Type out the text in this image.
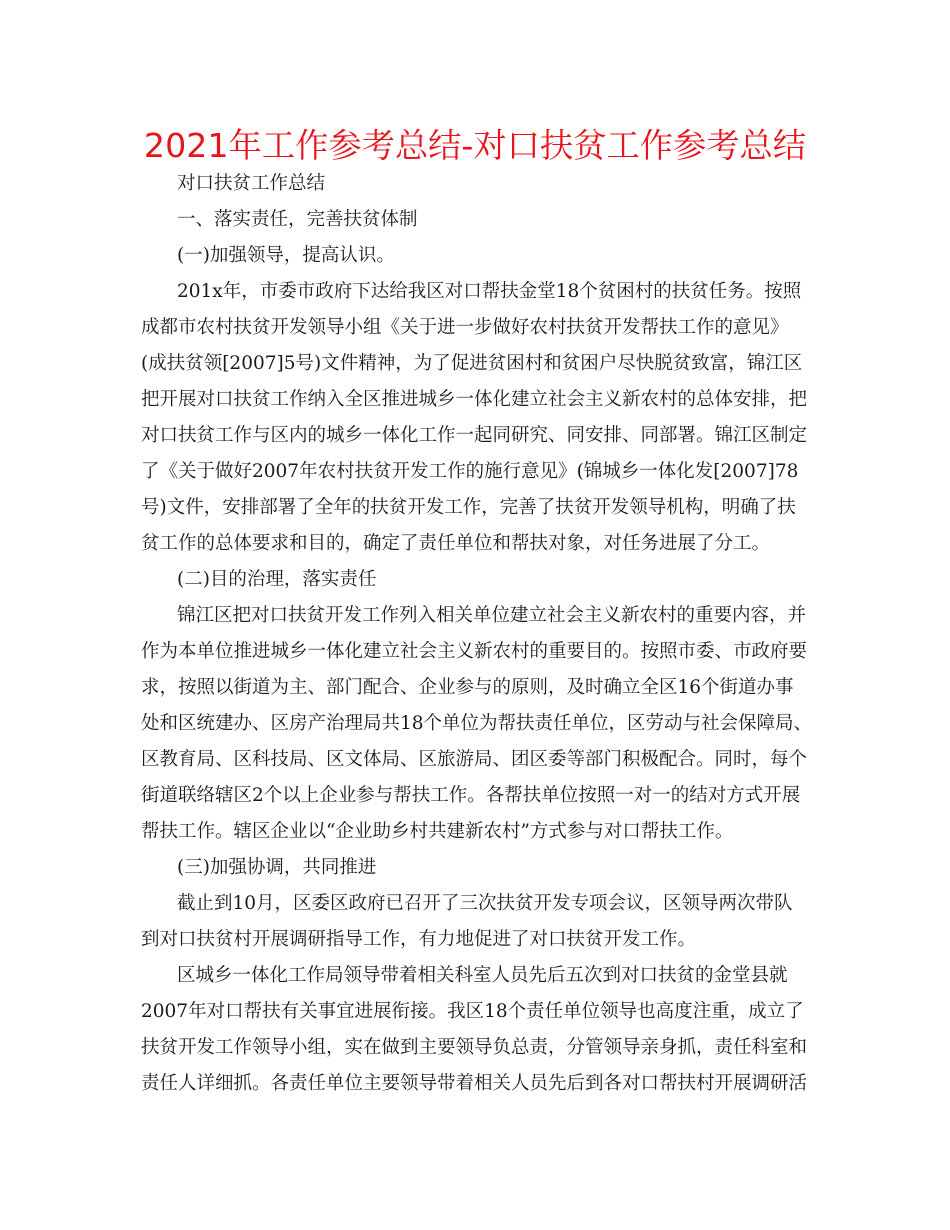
2021年工作参考总结-对口扶贫工作参考总结
对口扶贫工作总结
一、落实责任，完善扶贫体制
(一)加强领导，提高认识。
201x年，市委市政府下达给我区对口帮扶金堂18个贫困村的扶贫任务。按照
成都市农村扶贫开发领导小组《关于进一步做好农村扶贫开发帮扶工作的意见》
(成扶贫领[2007]5号)文件精神，为了促进贫困村和贫困户尽快脱贫致富，锦江区
把开展对口扶贫工作纳入全区推进城乡一体化建立社会主义新农村的总体安排，把
对口扶贫工作与区内的城乡一体化工作一起同研究、同安排、同部署。锦江区制定
了《关于做好2007年农村扶贫开发工作的施行意见》(锦城乡一体化发[2007]78
号)文件，安排部署了全年的扶贫开发工作，完善了扶贫开发领导机构，明确了扶
贫工作的总体要求和目的，确定了责任单位和帮扶对象，对任务进展了分工。
(二)目的治理，落实责任
锦江区把对口扶贫开发工作列入相关单位建立社会主义新农村的重要内容，并
作为本单位推进城乡一体化建立社会主义新农村的重要目的。按照市委、市政府要
求，按照以街道为主、部门配合、企业参与的原则，及时确立全区16个街道办事
处和区统建办、区房产治理局共18个单位为帮扶责任单位，区劳动与社会保障局、
区教育局、区科技局、区文体局、区旅游局、团区委等部门积极配合。同时，每个
街道联络辖区2个以上企业参与帮扶工作。各帮扶单位按照一对一的结对方式开展
帮扶工作。辖区企业以“企业助乡村共建新农村”方式参与对口帮扶工作。
(三)加强协调，共同推进
截止到10月，区委区政府已召开了三次扶贫开发专项会议，区领导两次带队
到对口扶贫村开展调研指导工作，有力地促进了对口扶贫开发工作。
区城乡一体化工作局领导带着相关科室人员先后五次到对口扶贫的金堂县就
2007年对口帮扶有关事宜进展衔接。我区18个责任单位领导也高度注重，成立了
扶贫开发工作领导小组，实在做到主要领导负总责，分管领导亲身抓，责任科室和
责任人详细抓。各责任单位主要领导带着相关人员先后到各对口帮扶村开展调研活
